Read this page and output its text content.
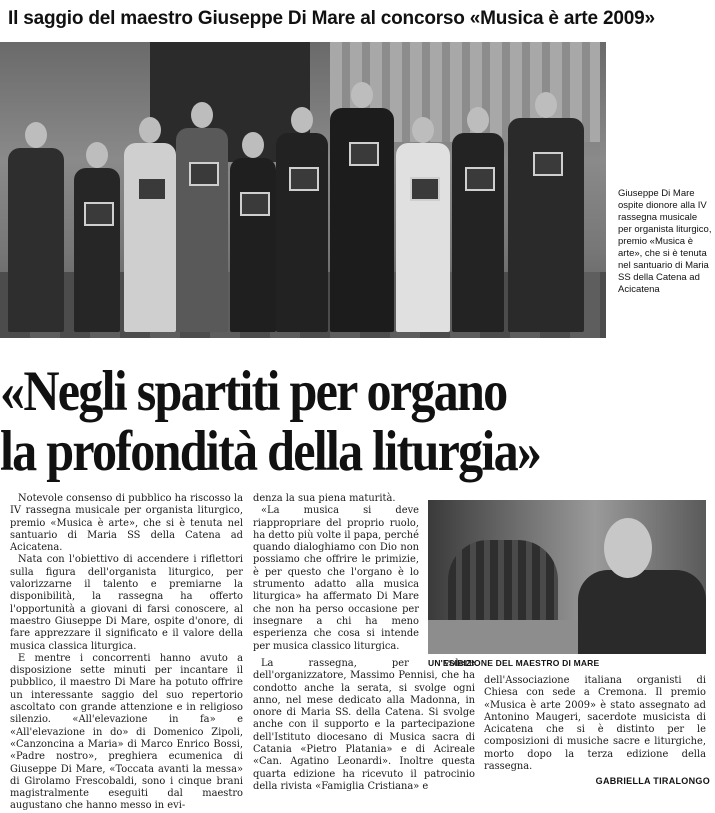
Il saggio del maestro Giuseppe Di Mare al concorso «Musica è arte 2009»
Giuseppe Di Mare ospite dionore alla IV rassegna musicale per organista liturgico, premio «Musica è arte», che si è tenuta nel santuario di Maria SS della Catena ad Acicatena
«Negli spartiti per organo
la profondità della liturgia»

Notevole consenso di pubblico ha riscosso la IV rassegna musicale per organista liturgico, premio «Musica è arte», che si è tenuta nel santuario di Maria SS della Catena ad Acicatena.

Nata con l'obiettivo di accendere i riflettori sulla figura dell'organista liturgico, per valorizzarne il talento e premiarne la disponibilità, la rassegna ha offerto l'opportunità a giovani di farsi conoscere, al maestro Giuseppe Di Mare, ospite d'onore, di fare apprezzare il significato e il valore della musica classica liturgica.

E mentre i concorrenti hanno avuto a disposizione sette minuti per incantare il pubblico, il maestro Di Mare ha potuto offrire un interessante saggio del suo repertorio ascoltato con grande attenzione e in religioso silenzio. «All'elevazione in fa» e «All'elevazione in do» di Domenico Zipoli, «Canzoncina a Maria» di Marco Enrico Bossi, «Padre nostro», preghiera ecumenica di Giuseppe Di Mare, «Toccata avanti la messa» di Girolamo Frescobaldi, sono i cinque brani magistralmente eseguiti dal maestro augustano che hanno messo in evi-

denza la sua piena maturità.

«La musica si deve riappropriare del proprio ruolo, ha detto più volte il papa, perché quando dialoghiamo con Dio non possiamo che offrire le primizie, è per questo che l'organo è lo strumento adatto alla musica liturgica» ha affermato Di Mare che non ha perso occasione per insegnare a chi ha meno esperienza che cosa si intende per musica classico liturgica.

UN'ESIBIZIONE DEL MAESTRO DI MARE

La rassegna, per volere dell'organizzatore, Massimo Pennisi, che ha condotto anche la serata, si svolge ogni anno, nel mese dedicato alla Madonna, in onore di Maria SS. della Catena. Si svolge anche con il supporto e la partecipazione dell'Istituto diocesano di Musica sacra di Catania «Pietro Platania» e di Acireale «Can. Agatino Leonardi». Inoltre questa quarta edizione ha ricevuto il patrocinio della rivista «Famiglia Cristiana» e

dell'Associazione italiana organisti di Chiesa con sede a Cremona. Il premio «Musica è arte 2009» è stato assegnato ad Antonino Maugeri, sacerdote musicista di Acicatena che si è distinto per le composizioni di musiche sacre e liturgiche, morto dopo la terza edizione della rassegna.

GABRIELLA TIRALONGO
